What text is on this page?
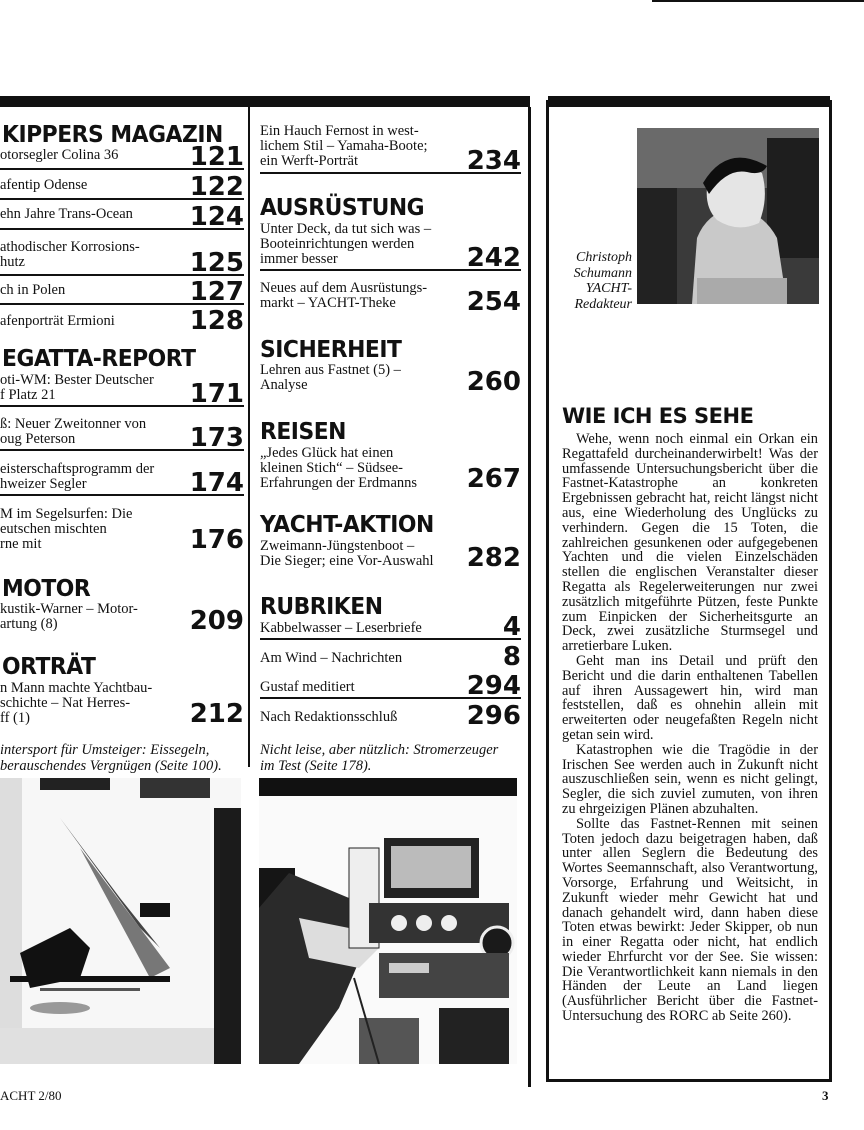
KIPPERS MAGAZIN
otorsegler Colina 36	121
afentip Odense	122
ehn Jahre Trans-Ocean	124
athodischer Korrosions-
hutz	125
ch in Polen	127
afenporträt Ermioni	128
EGATTA-REPORT
oti-WM: Bester Deutscher
f Platz 21	171
ß: Neuer Zweitonner von
oug Peterson	173
eisterschaftsprogramm der
hweizer Segler	174
M im Segelsurfen: Die
eutschen mischten
rne mit	176
MOTOR
kustik-Warner – Motor-
artung (8)	209
ORTRÄT
n Mann machte Yachtbau-
schichte – Nat Herres-
ff (1)	212
intersport für Umsteiger: Eissegeln,
berauschendes Vergnügen (Seite 100).
Ein Hauch Fernost in west-
lichem Stil – Yamaha-Boote;
ein Werft-Porträt	234
AUSRÜSTUNG
Unter Deck, da tut sich was –
Booteinrichtungen werden
immer besser	242
Neues auf dem Ausrüstungs-
markt – YACHT-Theke	254
SICHERHEIT
Lehren aus Fastnet (5) –
Analyse	260
REISEN
„Jedes Glück hat einen
kleinen Stich“ – Südsee-
Erfahrungen der Erdmanns	267
YACHT-AKTION
Zweimann-Jüngstenboot –
Die Sieger; eine Vor-Auswahl	282
RUBRIKEN
Kabbelwasser – Leserbriefe	4
Am Wind – Nachrichten	8
Gustaf meditiert	294
Nach Redaktionsschluß	296
Nicht leise, aber nützlich: Stromerzeuger
im Test (Seite 178).
Christoph
Schumann
YACHT-
Redakteur
WIE ICH ES SEHE

Wehe, wenn noch einmal ein Orkan ein Regattafeld durcheinanderwirbelt! Was der umfassende Untersuchungsbericht über die Fastnet-Katastrophe an konkreten Ergebnissen gebracht hat, reicht längst nicht aus, eine Wiederholung des Unglücks zu verhindern. Gegen die 15 Toten, die zahlreichen gesunkenen oder aufgegebenen Yachten und die vielen Einzelschäden stellen die englischen Veranstalter dieser Regatta als Regelerweiterungen nur zwei zusätzlich mitgeführte Pützen, feste Punkte zum Einpicken der Sicherheitsgurte an Deck, zwei zusätzliche Sturmsegel und arretierbare Luken.

Geht man ins Detail und prüft den Bericht und die darin enthaltenen Tabellen auf ihren Aussagewert hin, wird man feststellen, daß es ohnehin allein mit erweiterten oder neugefaßten Regeln nicht getan sein wird.

Katastrophen wie die Tragödie in der Irischen See werden auch in Zukunft nicht auszuschließen sein, wenn es nicht gelingt, Segler, die sich zuviel zumuten, von ihren zu ehrgeizigen Plänen abzuhalten.

Sollte das Fastnet-Rennen mit seinen Toten jedoch dazu beigetragen haben, daß unter allen Seglern die Bedeutung des Wortes Seemannschaft, also Verantwortung, Vorsorge, Erfahrung und Weitsicht, in Zukunft wieder mehr Gewicht hat und danach gehandelt wird, dann haben diese Toten etwas bewirkt: Jeder Skipper, ob nun in einer Regatta oder nicht, hat endlich wieder Ehrfurcht vor der See. Sie wissen: Die Verantwortlichkeit kann niemals in den Händen der Leute an Land liegen (Ausführlicher Bericht über die Fastnet-Untersuchung des RORC ab Seite 260).

ACHT 2/80	3
